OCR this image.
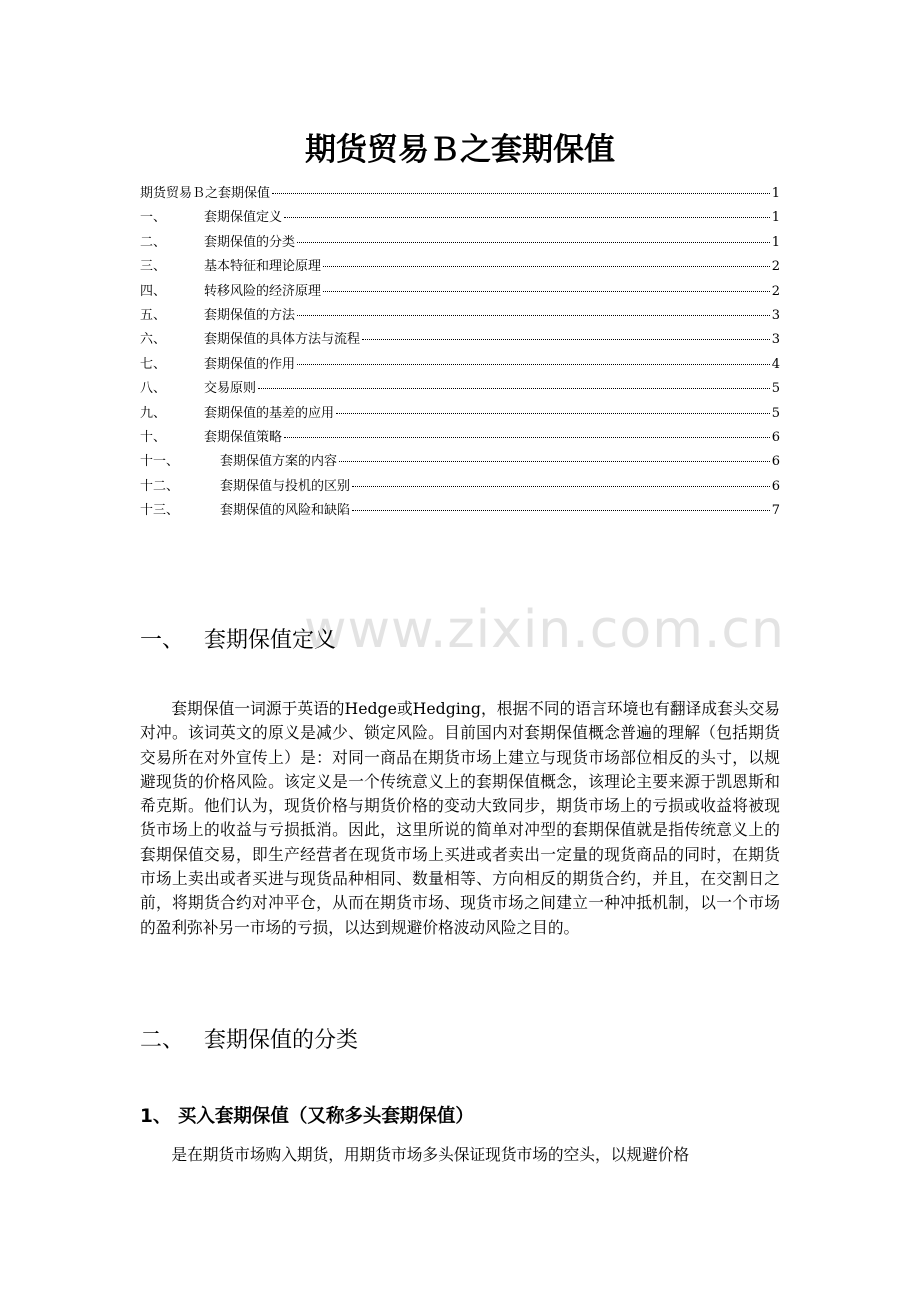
期货贸易Ｂ之套期保值
期货贸易Ｂ之套期保值	1
一、	套期保值定义	1
二、	套期保值的分类	1
三、	基本特征和理论原理	2
四、	转移风险的经济原理	2
五、	套期保值的方法	3
六、	套期保值的具体方法与流程	3
七、	套期保值的作用	4
八、	交易原则	5
九、	套期保值的基差的应用	5
十、	套期保值策略	6
十一、	套期保值方案的内容	6
十二、	套期保值与投机的区别	6
十三、	套期保值的风险和缺陷	7
www.zixin.com.cn
一、 套期保值定义

套期保值一词源于英语的Hedge或Hedging，根据不同的语言环境也有翻译成套头交易对冲。该词英文的原义是减少、锁定风险。目前国内对套期保值概念普遍的理解（包括期货交易所在对外宣传上）是：对同一商品在期货市场上建立与现货市场部位相反的头寸，以规避现货的价格风险。该定义是一个传统意义上的套期保值概念，该理论主要来源于凯恩斯和希克斯。他们认为，现货价格与期货价格的变动大致同步，期货市场上的亏损或收益将被现货市场上的收益与亏损抵消。因此，这里所说的简单对冲型的套期保值就是指传统意义上的套期保值交易，即生产经营者在现货市场上买进或者卖出一定量的现货商品的同时，在期货市场上卖出或者买进与现货品种相同、数量相等、方向相反的期货合约，并且，在交割日之前，将期货合约对冲平仓，从而在期货市场、现货市场之间建立一种冲抵机制，以一个市场的盈利弥补另一市场的亏损，以达到规避价格波动风险之目的。

二、 套期保值的分类
1、 买入套期保值（又称多头套期保值）

是在期货市场购入期货，用期货市场多头保证现货市场的空头，以规避价格
